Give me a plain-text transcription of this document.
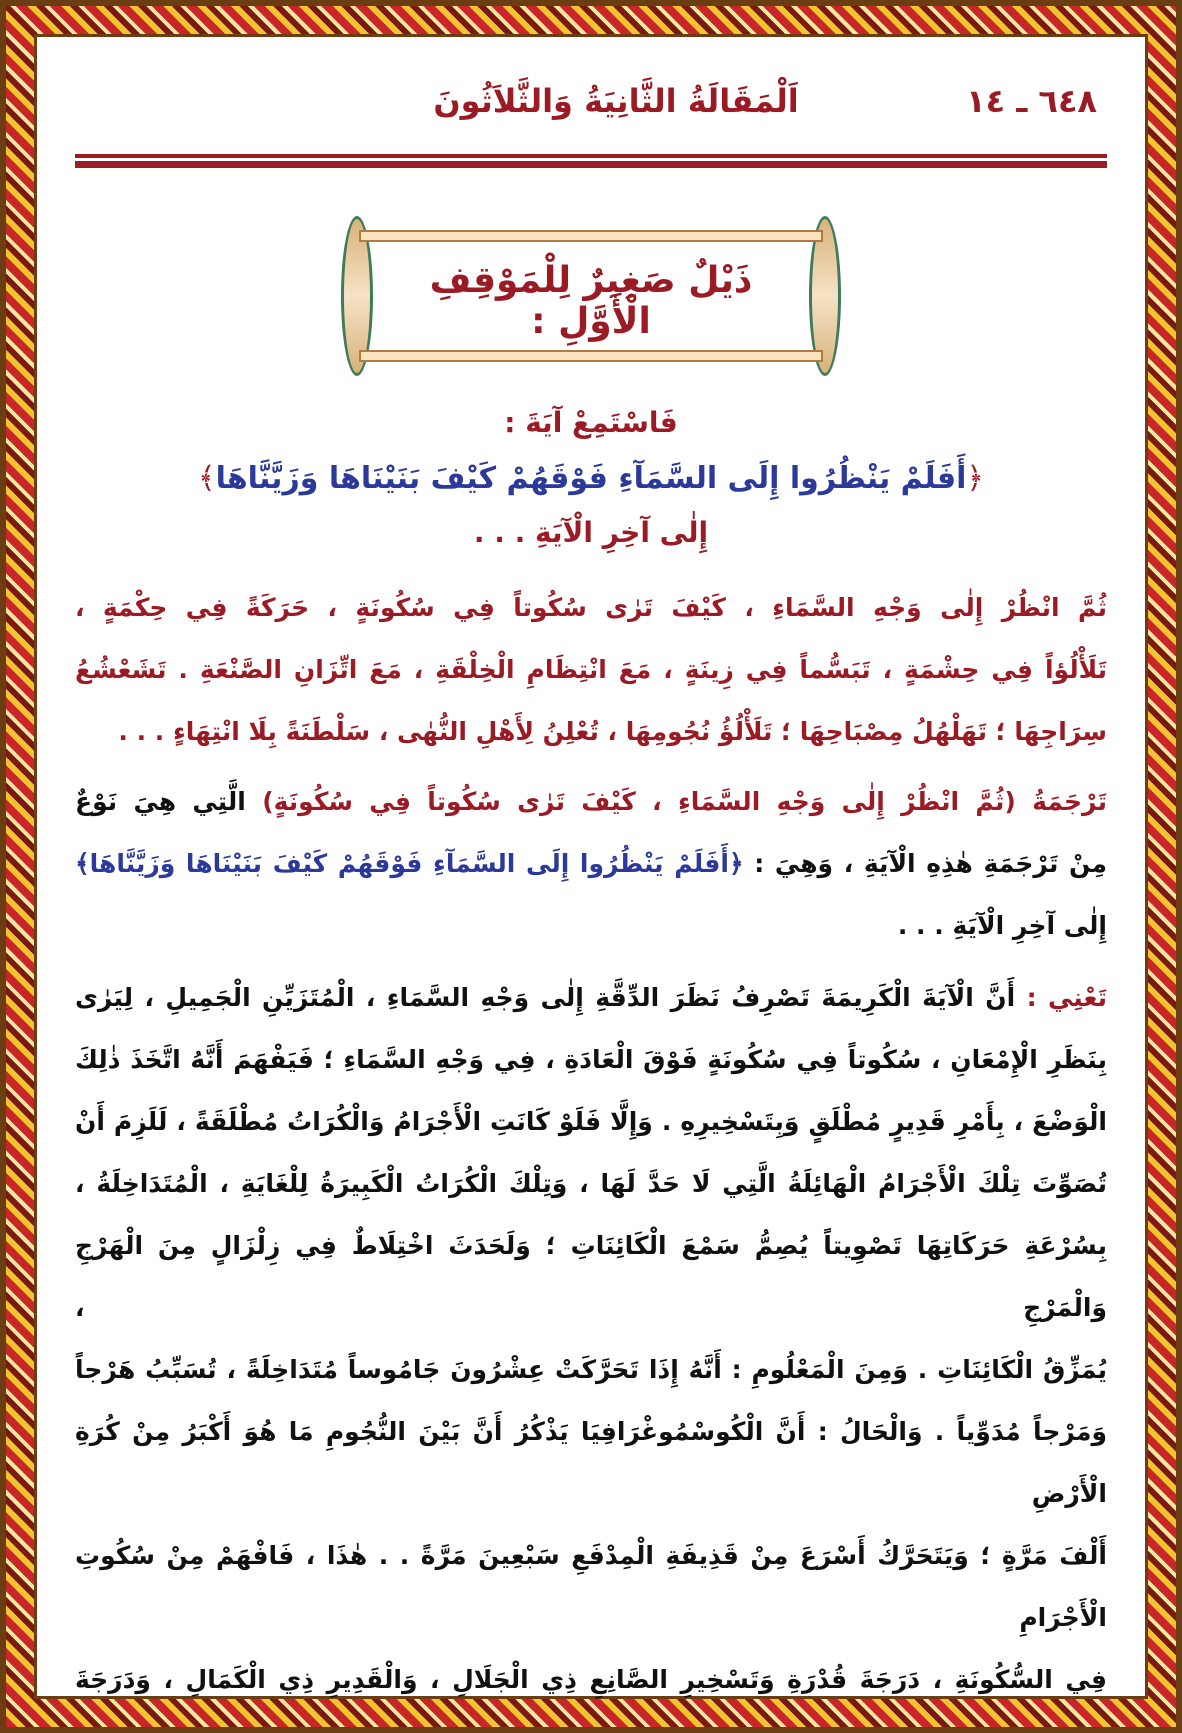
٦٤٨ ـ ١٤
اَلْمَقَالَةُ الثَّانِيَةُ وَالثَّلاَثُونَ
ذَيْلٌ صَغِيرٌ لِلْمَوْقِفِ الْأَوَّلِ :
فَاسْتَمِعْ آيَةَ :
﴿أَفَلَمْ يَنْظُرُوا إِلَى السَّمَآءِ فَوْقَهُمْ كَيْفَ بَنَيْنَاهَا وَزَيَّنَّاهَا﴾
إِلٰى آخِرِ الْآيَةِ . . .
ثُمَّ انْظُرْ إِلٰى وَجْهِ السَّمَاءِ ، كَيْفَ تَرٰى سُكُوتاً فِي سُكُونَةٍ ، حَرَكَةً فِي حِكْمَةٍ ،
تَلَأْلُؤاً فِي حِشْمَةٍ ، تَبَسُّماً فِي زِينَةٍ ، مَعَ انْتِظَامِ الْخِلْقَةِ ، مَعَ اتِّزَانِ الصَّنْعَةِ . تَشَعْشُعُ
سِرَاجِهَا ؛ تَهَلْهُلُ مِصْبَاحِهَا ؛ تَلَأْلُؤُ نُجُومِهَا ، تُعْلِنُ لِأَهْلِ النُّهٰى ، سَلْطَنَةً بِلَا انْتِهَاءٍ . . .
تَرْجَمَةُ (ثُمَّ انْظُرْ إِلٰى وَجْهِ السَّمَاءِ ، كَيْفَ تَرٰى سُكُوتاً فِي سُكُونَةٍ) الَّتِي هِيَ نَوْعٌ
مِنْ تَرْجَمَةِ هٰذِهِ الْآيَةِ ، وَهِيَ : ﴿أَفَلَمْ يَنْظُرُوا إِلَى السَّمَآءِ فَوْقَهُمْ كَيْفَ بَنَيْنَاهَا وَزَيَّنَّاهَا﴾
إِلٰى آخِرِ الْآيَةِ . . .
تَعْنِي : أَنَّ الْآيَةَ الْكَرِيمَةَ تَصْرِفُ نَظَرَ الدِّقَّةِ إِلٰى وَجْهِ السَّمَاءِ ، الْمُتَزَيِّنِ الْجَمِيلِ ، لِيَرٰى
بِنَظَرِ الْإِمْعَانِ ، سُكُوتاً فِي سُكُونَةٍ فَوْقَ الْعَادَةِ ، فِي وَجْهِ السَّمَاءِ ؛ فَيَفْهَمَ أَنَّهُ اتَّخَذَ ذٰلِكَ
الْوَضْعَ ، بِأَمْرِ قَدِيرٍ مُطْلَقٍ وَبِتَسْخِيرِهِ . وَإِلَّا فَلَوْ كَانَتِ الْأَجْرَامُ وَالْكُرَاتُ مُطْلَقَةً ، لَلَزِمَ أَنْ
تُصَوِّتَ تِلْكَ الْأَجْرَامُ الْهَائِلَةُ الَّتِي لَا حَدَّ لَهَا ، وَتِلْكَ الْكُرَاتُ الْكَبِيرَةُ لِلْغَايَةِ ، الْمُتَدَاخِلَةُ ،
بِسُرْعَةِ حَرَكَاتِهَا تَصْوِيتاً يُصِمُّ سَمْعَ الْكَائِنَاتِ ؛ وَلَحَدَثَ اخْتِلَاطٌ فِي زِلْزَالٍ مِنَ الْهَرْجِ وَالْمَرْجِ ،
يُمَزِّقُ الْكَائِنَاتِ . وَمِنَ الْمَعْلُومِ : أَنَّهُ إِذَا تَحَرَّكَتْ عِشْرُونَ جَامُوساً مُتَدَاخِلَةً ، تُسَبِّبُ هَرْجاً
وَمَرْجاً مُدَوِّياً . وَالْحَالُ : أَنَّ الْكُوسْمُوغْرَافِيَا يَذْكُرُ أَنَّ بَيْنَ النُّجُومِ مَا هُوَ أَكْبَرُ مِنْ كُرَةِ الْأَرْضِ
أَلْفَ مَرَّةٍ ؛ وَيَتَحَرَّكُ أَسْرَعَ مِنْ قَذِيفَةِ الْمِدْفَعِ سَبْعِينَ مَرَّةً . . هٰذَا ، فَافْهَمْ مِنْ سُكُوتِ الْأَجْرَامِ
فِي السُّكُونَةِ ، دَرَجَةَ قُدْرَةِ وَتَسْخِيرِ الصَّانِعِ ذِي الْجَلَالِ ، وَالْقَدِيرِ ذِي الْكَمَالِ ، وَدَرَجَةَ
